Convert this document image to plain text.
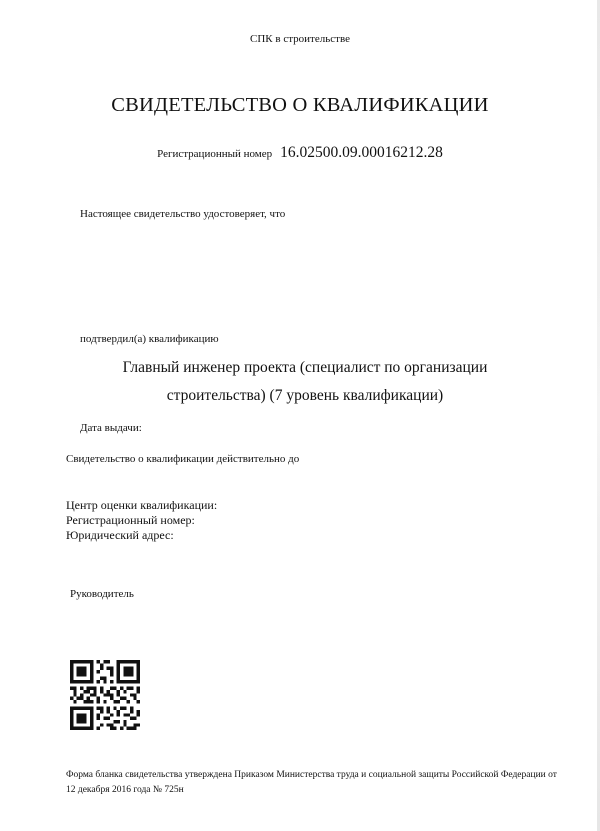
СПК в строительстве
СВИДЕТЕЛЬСТВО О КВАЛИФИКАЦИИ
Регистрационный номер 16.02500.09.00016212.28
Настоящее свидетельство удостоверяет, что
подтвердил(а) квалификацию
Главный инженер проекта (специалист по организации
строительства) (7 уровень квалификации)
Дата выдачи:
Свидетельство о квалификации действительно до
Центр оценки квалификации:
Регистрационный номер:
Юридический адрес:
Руководитель
Форма бланка свидетельства утверждена Приказом Министерства труда и социальной защиты Российской Федерации от 12 декабря 2016 года № 725н
